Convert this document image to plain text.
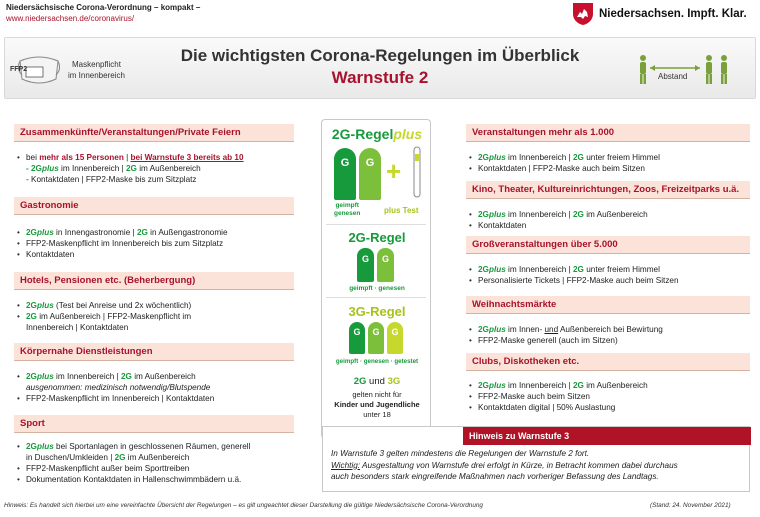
Niedersächsische Corona-Verordnung – kompakt –
www.niedersachsen.de/coronavirus/	Niedersachsen. Impft. Klar.
FFP2
Maskenpflicht
im Innenbereich
Die wichtigsten Corona-Regelungen im Überblick
Warnstufe 2	Abstand
Zusammenkünfte/Veranstaltungen/Private Feiern
• bei mehr als 15 Personen | bei Warnstufe 3 bereits ab 10
- 2Gplus im Innenbereich | 2G im Außenbereich
- Kontaktdaten | FFP2-Maske bis zum Sitzplatz
Gastronomie
• 2Gplus in Innengastronomie | 2G in Außengastronomie
• FFP2-Maskenpflicht im Innenbereich bis zum Sitzplatz
• Kontaktdaten
Hotels, Pensionen etc. (Beherbergung)
• 2Gplus (Test bei Anreise und 2x wöchentlich)
• 2G im Außenbereich | FFP2-Maskenpflicht im
Innenbereich | Kontaktdaten
Körpernahe Dienstleistungen
• 2Gplus im Innenbereich | 2G im Außenbereich
ausgenommen: medizinisch notwendig/Blutspende
• FFP2-Maskenpflicht im Innenbereich | Kontaktdaten
Sport
• 2Gplus bei Sportanlagen in geschlossenen Räumen, generell
in Duschen/Umkleiden | 2G im Außenbereich
• FFP2-Maskenpflicht außer beim Sporttreiben
• Dokumentation Kontaktdaten in Hallenschwimmbädern u.ä.
2G-Regelplus
G	G +
geimpft
genesen	plus Test
2G-Regel
G	G
geimpft · genesen
3G-Regel
G	G	G
geimpft · genesen · getestet
2G und 3G
gelten nicht für
Kinder und Jugendliche
unter 18
Veranstaltungen mehr als 1.000
• 2Gplus im Innenbereich | 2G unter freiem Himmel
• Kontaktdaten | FFP2-Maske auch beim Sitzen
Kino, Theater, Kultureinrichtungen, Zoos, Freizeitparks u.ä.
• 2Gplus im Innenbereich | 2G im Außenbereich
• Kontaktdaten
Großveranstaltungen über 5.000
• 2Gplus im Innenbereich | 2G unter freiem Himmel
• Personalisierte Tickets | FFP2-Maske auch beim Sitzen
Weihnachtsmärkte
• 2Gplus im Innen- und Außenbereich bei Bewirtung
• FFP2-Maske generell (auch im Sitzen)
Clubs, Diskotheken etc.
• 2Gplus im Innenbereich | 2G im Außenbereich
• FFP2-Maske auch beim Sitzen
• Kontaktdaten digital | 50% Auslastung
Hinweis zu Warnstufe 3
In Warnstufe 3 gelten mindestens die Regelungen der Warnstufe 2 fort.
Wichtig: Ausgestaltung von Warnstufe drei erfolgt in Kürze, in Betracht kommen dabei durchaus
auch besonders stark eingreifende Maßnahmen nach vorheriger Befassung des Landtags.
Hinweis: Es handelt sich hierbei um eine vereinfachte Übersicht der Regelungen – es gilt ungeachtet dieser Darstellung die gültige Niedersächsische Corona-Verordnung	(Stand: 24. November 2021)
